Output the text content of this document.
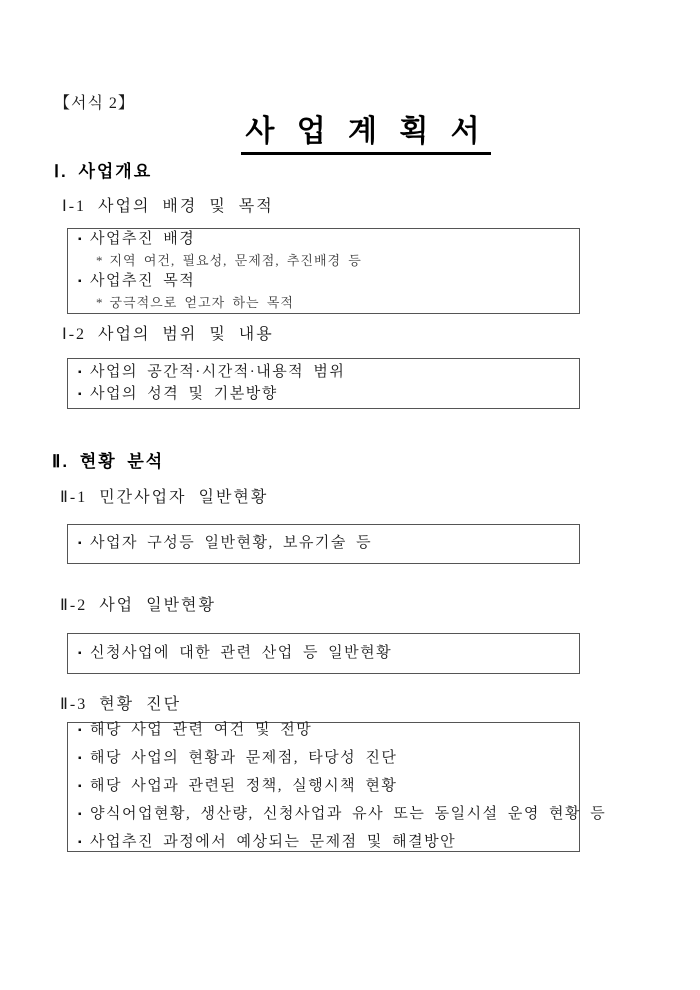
【서식 2】
사 업 계 획 서
Ⅰ. 사업개요
Ⅰ-1 사업의 배경 및 목적
▪ 사업추진 배경
* 지역 여건, 필요성, 문제점, 추진배경 등
▪ 사업추진 목적
* 궁극적으로 얻고자 하는 목적
Ⅰ-2 사업의 범위 및 내용
▪ 사업의 공간적·시간적·내용적 범위
▪ 사업의 성격 및 기본방향
Ⅱ. 현황 분석
Ⅱ-1 민간사업자 일반현황
▪ 사업자 구성등 일반현황, 보유기술 등
Ⅱ-2 사업 일반현황
▪ 신청사업에 대한 관련 산업 등 일반현황
Ⅱ-3 현황 진단
▪ 해당 사업 관련 여건 및 전망
▪ 해당 사업의 현황과 문제점, 타당성 진단
▪ 해당 사업과 관련된 정책, 실행시책 현황
▪ 양식어업현황, 생산량, 신청사업과 유사 또는 동일시설 운영 현황 등
▪ 사업추진 과정에서 예상되는 문제점 및 해결방안
